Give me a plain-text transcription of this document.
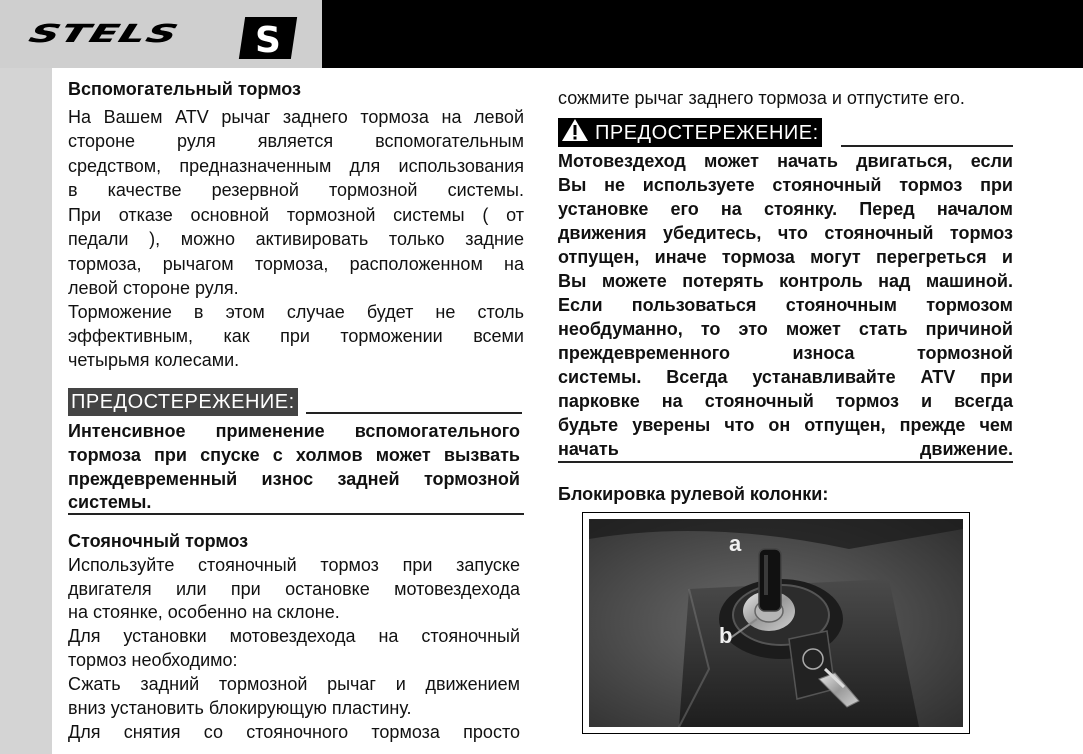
STELS	S

Вспомогательный тормоз

На Вашем ATV рычаг заднего тормоза на левой

стороне руля является вспомогательным

средством, предназначенным для использования

в качестве резервной тормозной системы.

При отказе основной тормозной системы ( от

педали ), можно активировать только задние

тормоза, рычагом тормоза, расположенном на

левой стороне руля.

Торможение в этом случае будет не столь

эффективным, как при торможении всеми

четырьмя колесами.

ПРЕДОСТЕРЕЖЕНИЕ:

Интенсивное применение вспомогательного

тормоза при спуске с холмов может вызвать

преждевременный износ задней тормозной

системы.

Стояночный тормоз

Используйте стояночный тормоз при запуске

двигателя или при остановке мотовездехода

на стоянке, особенно на склоне.

Для установки мотовездехода на стояночный

тормоз необходимо:

Сжать задний тормозной рычаг и движением

вниз установить блокирующую пластину.

Для снятия со стояночного тормоза просто

сожмите рычаг заднего тормоза и отпустите его.

ПРЕДОСТЕРЕЖЕНИЕ:

Мотовездеход может начать двигаться, если

Вы не используете стояночный тормоз при

установке его на стоянку. Перед началом

движения убедитесь, что стояночный тормоз

отпущен, иначе тормоза могут перегреться и

Вы можете потерять контроль над машиной.

Если пользоваться стояночным тормозом

необдуманно, то это может стать причиной

преждевременного износа тормозной

системы. Всегда устанавливайте ATV при

парковке на стояночный тормоз и всегда

будьте уверены что он отпущен, прежде чем

начать движение.

Блокировка рулевой колонки:

a
b
